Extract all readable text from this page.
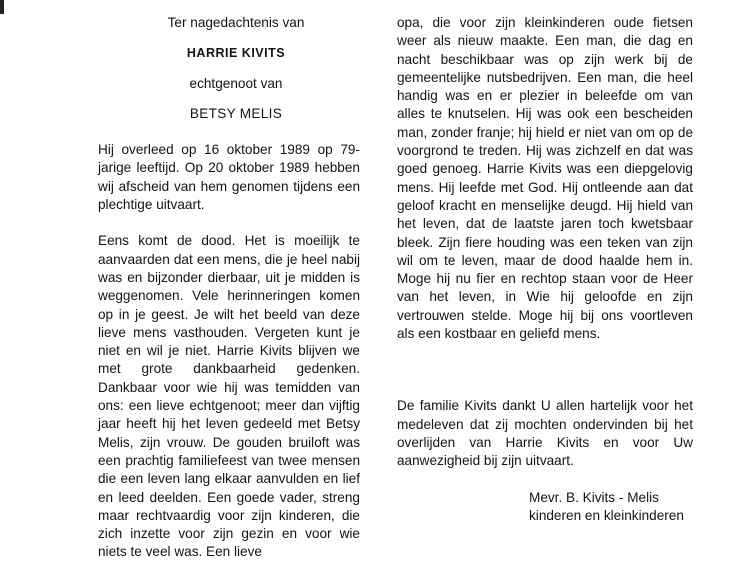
Ter nagedachtenis van
HARRIE KIVITS
echtgenoot van
BETSY MELIS

Hij overleed op 16 oktober 1989 op 79-jarige leeftijd. Op 20 oktober 1989 hebben wij afscheid van hem genomen tijdens een plechtige uitvaart.

Eens komt de dood. Het is moeilijk te aanvaarden dat een mens, die je heel nabij was en bijzonder dierbaar, uit je midden is weggenomen. Vele herinneringen komen op in je geest. Je wilt het beeld van deze lieve mens vasthouden. Vergeten kunt je niet en wil je niet. Harrie Kivits blijven we met grote dankbaarheid gedenken. Dankbaar voor wie hij was temidden van ons: een lieve echtgenoot; meer dan vijftig jaar heeft hij het leven gedeeld met Betsy Melis, zijn vrouw. De gouden bruiloft was een prachtig familiefeest van twee mensen die een leven lang elkaar aanvulden en lief en leed deelden. Een goede vader, streng maar rechtvaardig voor zijn kinderen, die zich inzette voor zijn gezin en voor wie niets te veel was. Een lieve

opa, die voor zijn kleinkinderen oude fietsen weer als nieuw maakte. Een man, die dag en nacht beschikbaar was op zijn werk bij de gemeentelijke nutsbedrijven. Een man, die heel handig was en er plezier in beleefde om van alles te knutselen. Hij was ook een bescheiden man, zonder franje; hij hield er niet van om op de voorgrond te treden. Hij was zichzelf en dat was goed genoeg. Harrie Kivits was een diepgelovig mens. Hij leefde met God. Hij ontleende aan dat geloof kracht en menselijke deugd. Hij hield van het leven, dat de laatste jaren toch kwetsbaar bleek. Zijn fiere houding was een teken van zijn wil om te leven, maar de dood haalde hem in. Moge hij nu fier en rechtop staan voor de Heer van het leven, in Wie hij geloofde en zijn vertrouwen stelde. Moge hij bij ons voortleven als een kostbaar en geliefd mens.

De familie Kivits dankt U allen hartelijk voor het medeleven dat zij mochten ondervinden bij het overlijden van Harrie Kivits en voor Uw aanwezigheid bij zijn uitvaart.

Mevr. B. Kivits - Melis
kinderen en kleinkinderen
